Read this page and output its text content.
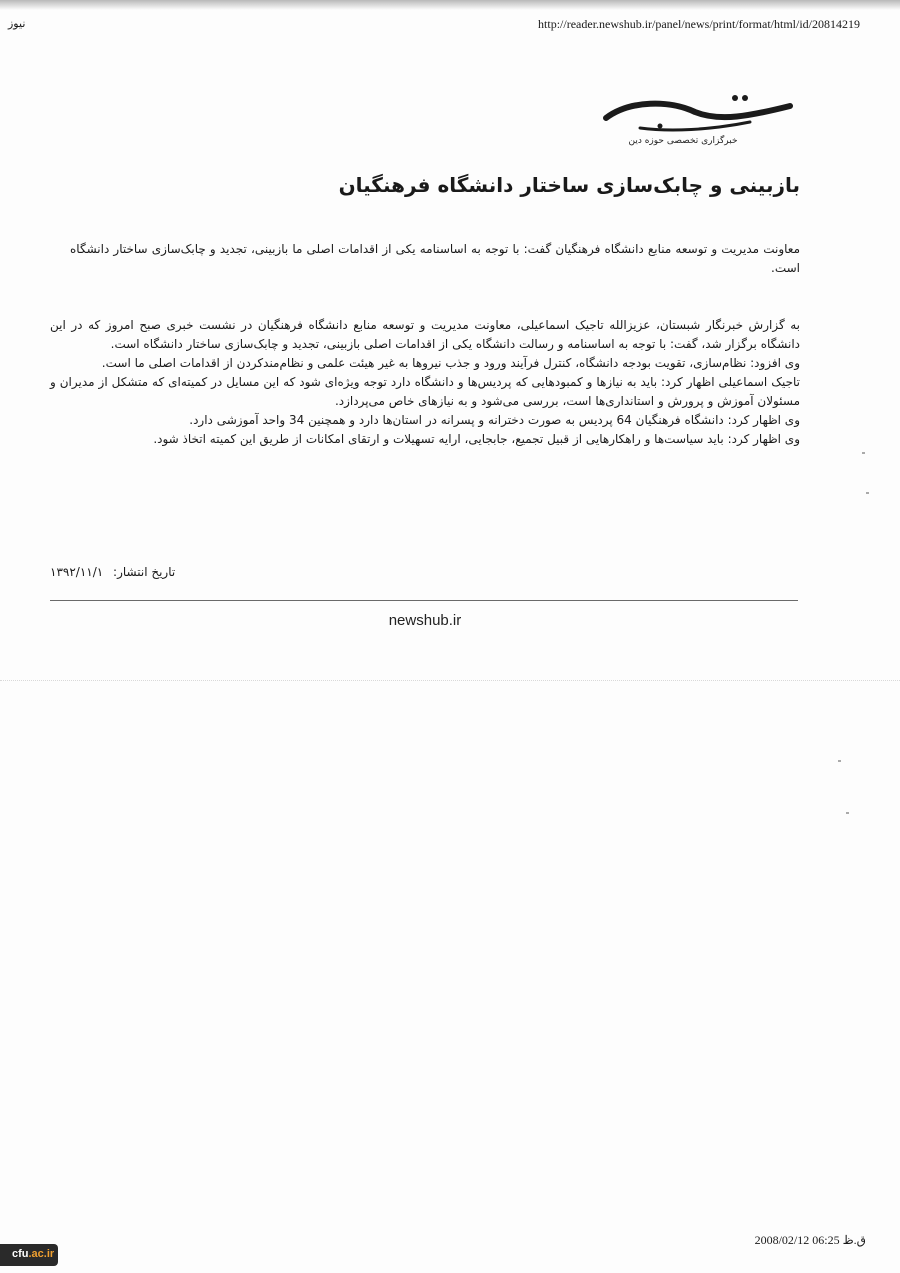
نیوز	http://reader.newshub.ir/panel/news/print/format/html/id/20814219
خبرگزاری تخصصی حوزه دین
بازبینی و چابک‌سازی ساختار دانشگاه فرهنگیان

معاونت مدیریت و توسعه منابع دانشگاه فرهنگیان گفت: با توجه به اساسنامه یکی از اقدامات اصلی ما بازبینی، تجدید و چابک‌سازی ساختار دانشگاه است.

به گزارش خبرنگار شبستان، عزیزالله تاجیک اسماعیلی، معاونت مدیریت و توسعه منابع دانشگاه فرهنگیان در نشست خبری صبح امروز که در این دانشگاه برگزار شد، گفت: با توجه به اساسنامه و رسالت دانشگاه یکی از اقدامات اصلی بازبینی، تجدید و چابک‌سازی ساختار دانشگاه است.

وی افزود: نظام‌سازی، تقویت بودجه دانشگاه، کنترل فرآیند ورود و جذب نیروها به غیر هیئت علمی و نظام‌مندکردن از اقدامات اصلی ما است.

تاجیک اسماعیلی اظهار کرد: باید به نیازها و کمبودهایی که پردیس‌ها و دانشگاه دارد توجه ویژه‌ای شود که این مسایل در کمیته‌ای که متشکل از مدیران و مسئولان آموزش و پرورش و استانداری‌ها است، بررسی می‌شود و به نیازهای خاص می‌پردازد.

وی اظهار کرد: دانشگاه فرهنگیان 64 پردیس به صورت دخترانه و پسرانه در استان‌ها دارد و همچنین 34 واحد آموزشی دارد.

وی اظهار کرد: باید سیاست‌ها و راهکارهایی از قبیل تجمیع، جابجایی، ارایه تسهیلات و ارتقای امکانات از طریق این کمیته اتخاذ شود.

تاریخ انتشار: ۱۳۹۲/۱۱/۱
newshub.ir
cfu.ac.ir
ق.ظ 06:25 2008/02/12
